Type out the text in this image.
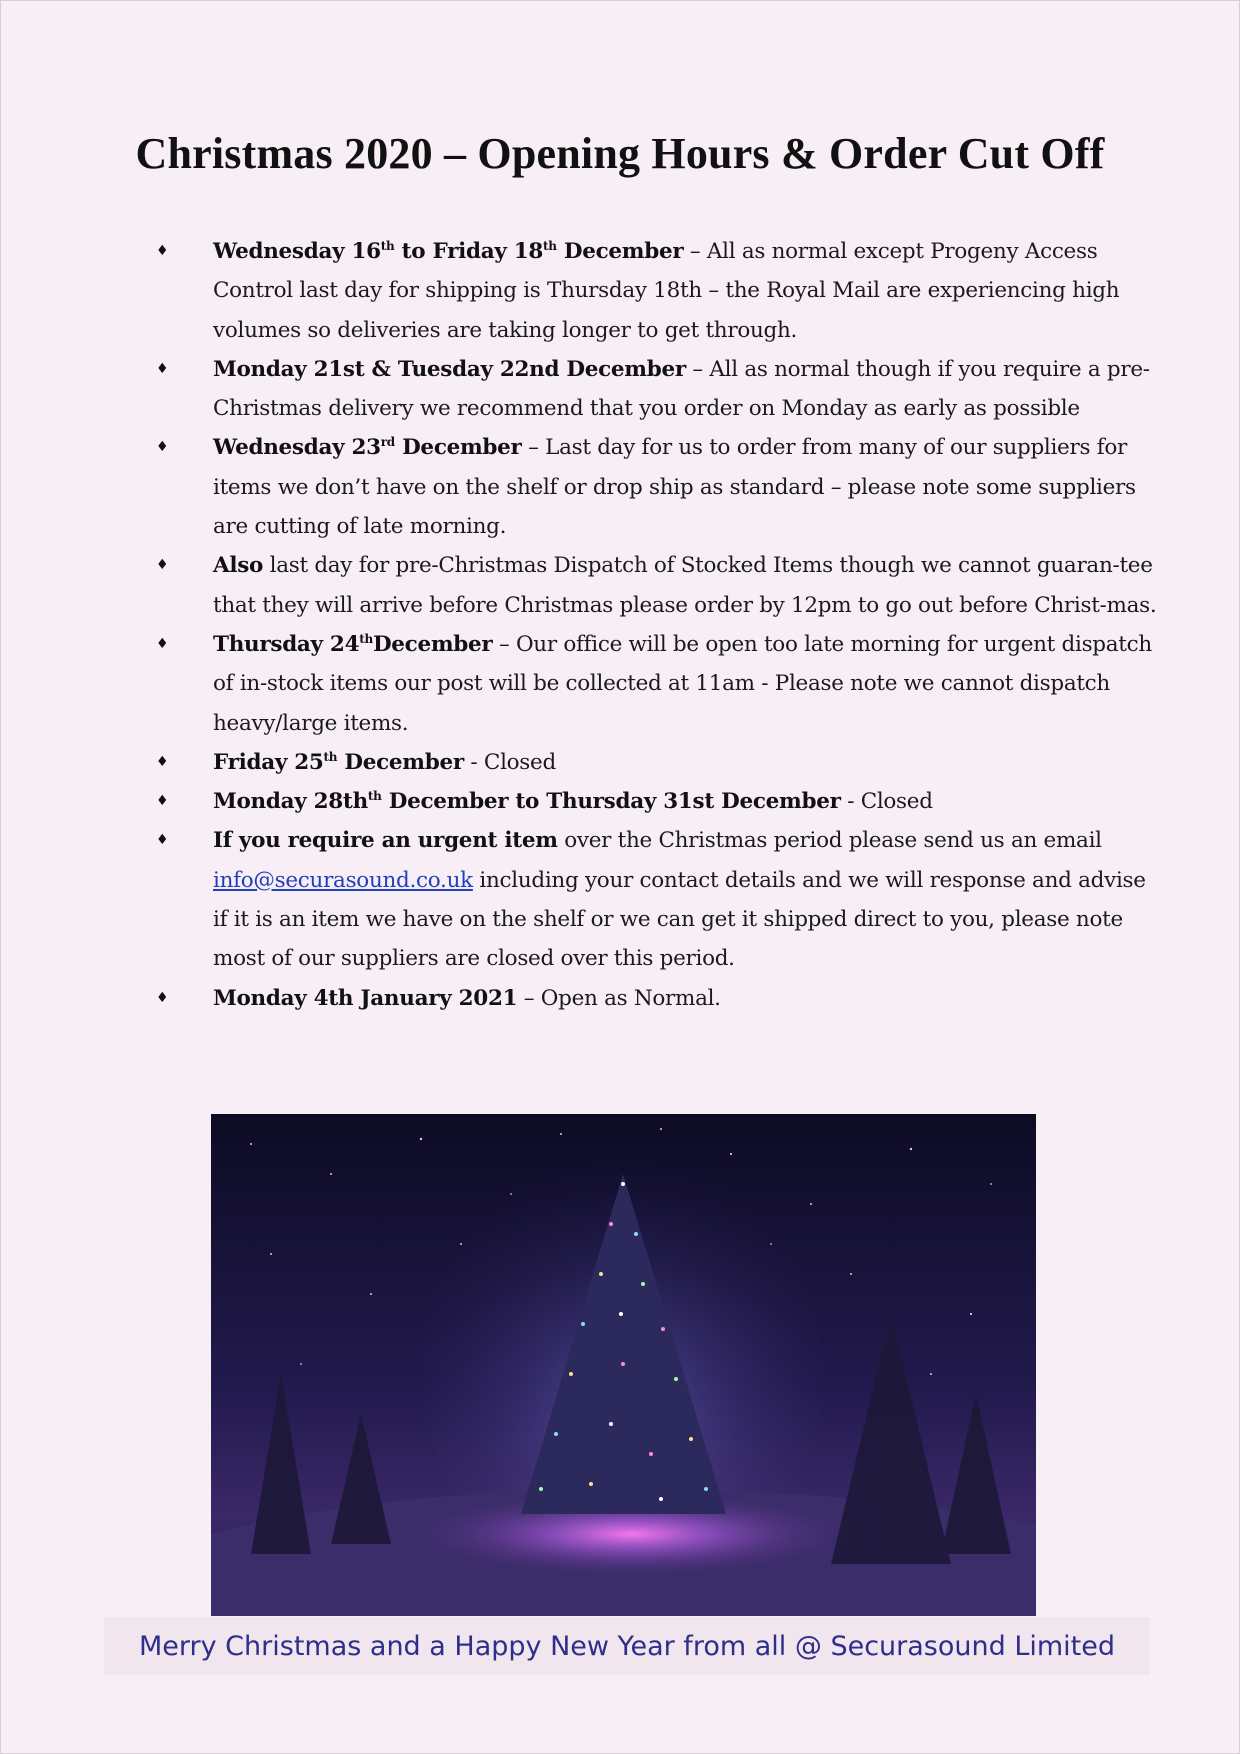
Christmas 2020 – Opening Hours & Order Cut Off
♦ Wednesday 16th to Friday 18th December – All as normal except Progeny Access Control last day for shipping is Thursday 18th – the Royal Mail are experiencing high volumes so deliveries are taking longer to get through.
♦ Monday 21st & Tuesday 22nd December – All as normal though if you require a pre-Christmas delivery we recommend that you order on Monday as early as possible
♦ Wednesday 23rd December – Last day for us to order from many of our suppliers for items we don’t have on the shelf or drop ship as standard – please note some suppliers are cutting of late morning.
♦ Also last day for pre-Christmas Dispatch of Stocked Items though we cannot guaran-tee that they will arrive before Christmas please order by 12pm to go out before Christ-mas.
♦ Thursday 24thDecember – Our office will be open too late morning for urgent dispatch of in-stock items our post will be collected at 11am - Please note we cannot dispatch heavy/large items.
♦ Friday 25th December - Closed
♦ Monday $28th^{th}$ December to Thursday 31st December - Closed
♦ If you require an urgent item over the Christmas period please send us an email info@securasound.co.uk including your contact details and we will response and advise if it is an item we have on the shelf or we can get it shipped direct to you, please note most of our suppliers are closed over this period.
♦ Monday 4th January 2021 – Open as Normal.
Merry Christmas and a Happy New Year from all @ Securasound Limited
